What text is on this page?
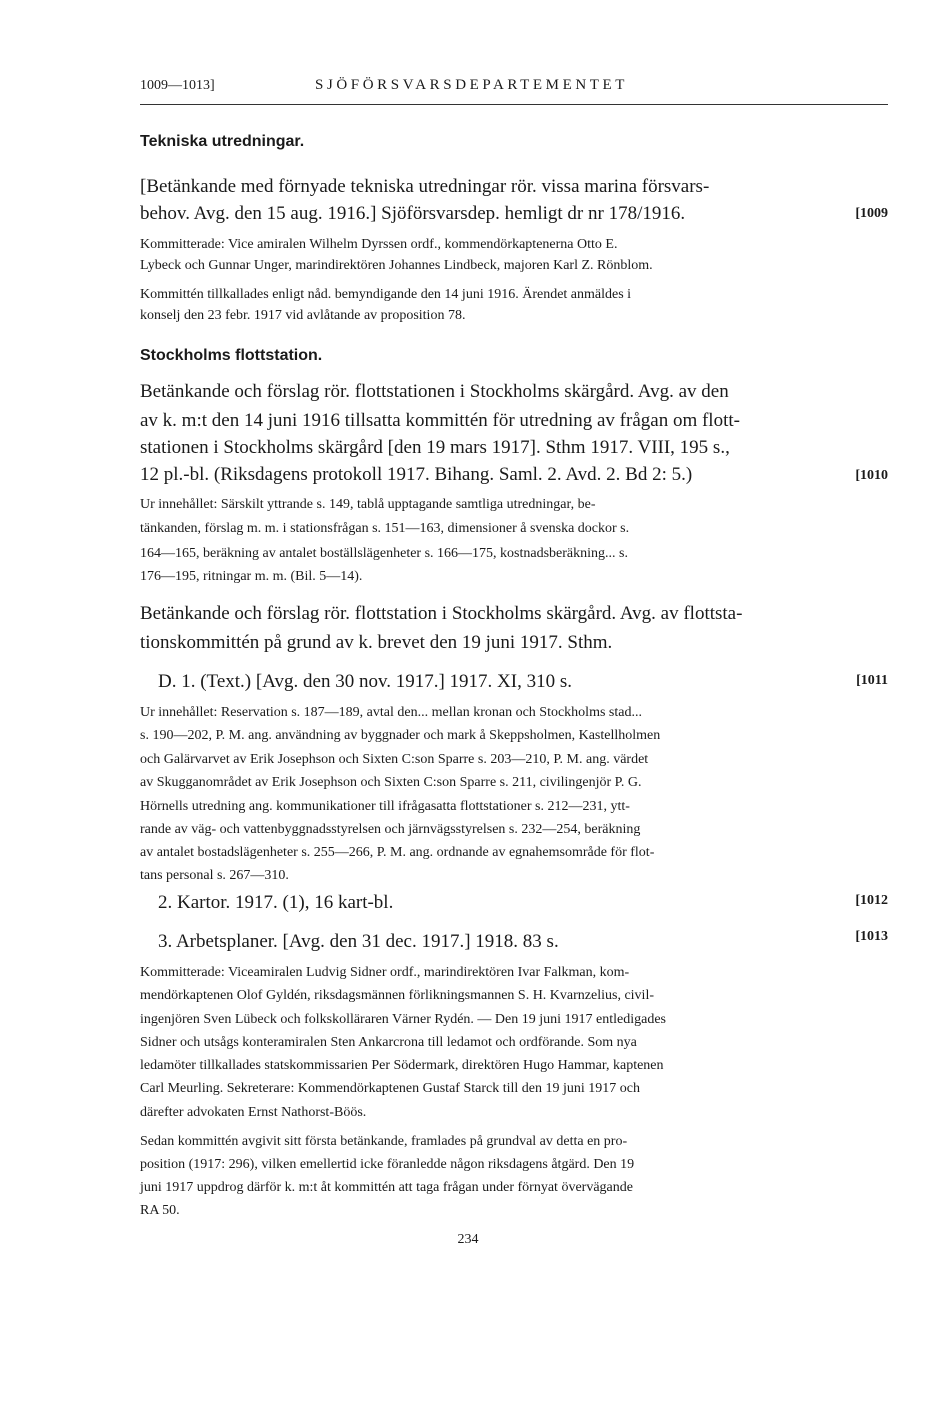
1009—1013]	SJÖFÖRSVARSDEPARTEMENTET
Tekniska utredningar.
[Betänkande med förnyade tekniska utredningar rör. vissa marina försvars-
behov. Avg. den 15 aug. 1916.] Sjöförsvarsdep. hemligt dr nr 178/1916.	[1009
Kommitterade: Vice amiralen Wilhelm Dyrssen ordf., kommendörkaptenerna Otto E.
Lybeck och Gunnar Unger, marindirektören Johannes Lindbeck, majoren Karl Z. Rönblom.
Kommittén tillkallades enligt nåd. bemyndigande den 14 juni 1916. Ärendet anmäldes i
konselj den 23 febr. 1917 vid avlåtande av proposition 78.
Stockholms flottstation.
Betänkande och förslag rör. flottstationen i Stockholms skärgård. Avg. av den
av k. m:t den 14 juni 1916 tillsatta kommittén för utredning av frågan om flott-
stationen i Stockholms skärgård [den 19 mars 1917]. Sthm 1917. VIII, 195 s.,
12 pl.-bl. (Riksdagens protokoll 1917. Bihang. Saml. 2. Avd. 2. Bd 2: 5.)	[1010
Ur innehållet: Särskilt yttrande s. 149, tablå upptagande samtliga utredningar, be-
tänkanden, förslag m. m. i stationsfrågan s. 151—163, dimensioner å svenska dockor s.
164—165, beräkning av antalet boställslägenheter s. 166—175, kostnadsberäkning... s.
176—195, ritningar m. m. (Bil. 5—14).
Betänkande och förslag rör. flottstation i Stockholms skärgård. Avg. av flottsta-
tionskommittén på grund av k. brevet den 19 juni 1917. Sthm.
D. 1. (Text.) [Avg. den 30 nov. 1917.] 1917. XI, 310 s.	[1011
Ur innehållet: Reservation s. 187—189, avtal den... mellan kronan och Stockholms stad...
s. 190—202, P. M. ang. användning av byggnader och mark å Skeppsholmen, Kastellholmen
och Galärvarvet av Erik Josephson och Sixten C:son Sparre s. 203—210, P. M. ang. värdet
av Skugganområdet av Erik Josephson och Sixten C:son Sparre s. 211, civilingenjör P. G.
Hörnells utredning ang. kommunikationer till ifrågasatta flottstationer s. 212—231, ytt-
rande av väg- och vattenbyggnadsstyrelsen och järnvägsstyrelsen s. 232—254, beräkning
av antalet bostadslägenheter s. 255—266, P. M. ang. ordnande av egnahemsområde för flot-
tans personal s. 267—310.
2. Kartor. 1917. (1), 16 kart-bl.	[1012
3. Arbetsplaner. [Avg. den 31 dec. 1917.] 1918. 83 s.	[1013
Kommitterade: Viceamiralen Ludvig Sidner ordf., marindirektören Ivar Falkman, kom-
mendörkaptenen Olof Gyldén, riksdagsmännen förlikningsmannen S. H. Kvarnzelius, civil-
ingenjören Sven Lübeck och folkskolläraren Värner Rydén. — Den 19 juni 1917 entledigades
Sidner och utsågs konteramiralen Sten Ankarcrona till ledamot och ordförande. Som nya
ledamöter tillkallades statskommissarien Per Södermark, direktören Hugo Hammar, kaptenen
Carl Meurling. Sekreterare: Kommendörkaptenen Gustaf Starck till den 19 juni 1917 och
därefter advokaten Ernst Nathorst-Böös.
Sedan kommittén avgivit sitt första betänkande, framlades på grundval av detta en pro-
position (1917: 296), vilken emellertid icke föranledde någon riksdagens åtgärd. Den 19
juni 1917 uppdrog därför k. m:t åt kommittén att taga frågan under förnyat övervägande
RA 50.
234
